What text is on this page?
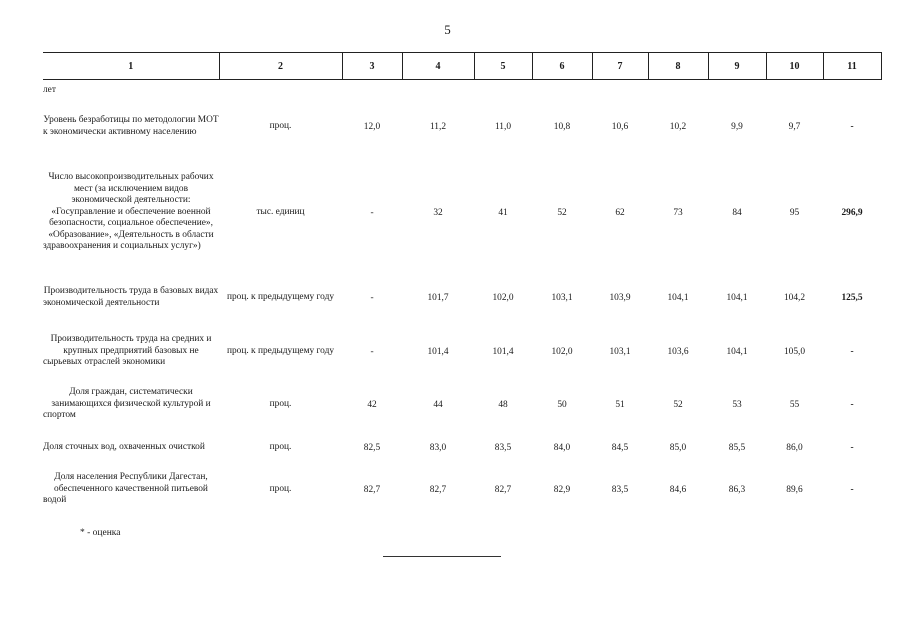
5
1	2	3	4	5	6	7	8	9	10	11
лет										
Уровень безработицы по методологии МОТ к экономически активному населению	проц.	12,0	11,2	11,0	10,8	10,6	10,2	9,9	9,7	-
Число высокопроизводительных рабочих мест (за исключением видов экономической деятельности: «Госуправление и обеспечение военной безопасности, социальное обеспечение», «Образование», «Деятельность в области здравоохранения и социальных услуг»)	тыс. единиц	-	32	41	52	62	73	84	95	296,9
Производительность труда в базовых видах экономической деятельности	проц. к предыдущему году	-	101,7	102,0	103,1	103,9	104,1	104,1	104,2	125,5
Производительность труда на средних и крупных предприятий базовых не сырьевых отраслей экономики	проц. к предыдущему году	-	101,4	101,4	102,0	103,1	103,6	104,1	105,0	-
Доля граждан, систематически занимающихся физической культурой и спортом	проц.	42	44	48	50	51	52	53	55	-
Доля сточных вод, охваченных очисткой	проц.	82,5	83,0	83,5	84,0	84,5	85,0	85,5	86,0	-
Доля населения Республики Дагестан, обеспеченного качественной питьевой водой	проц.	82,7	82,7	82,7	82,9	83,5	84,6	86,3	89,6	-
* - оценка
